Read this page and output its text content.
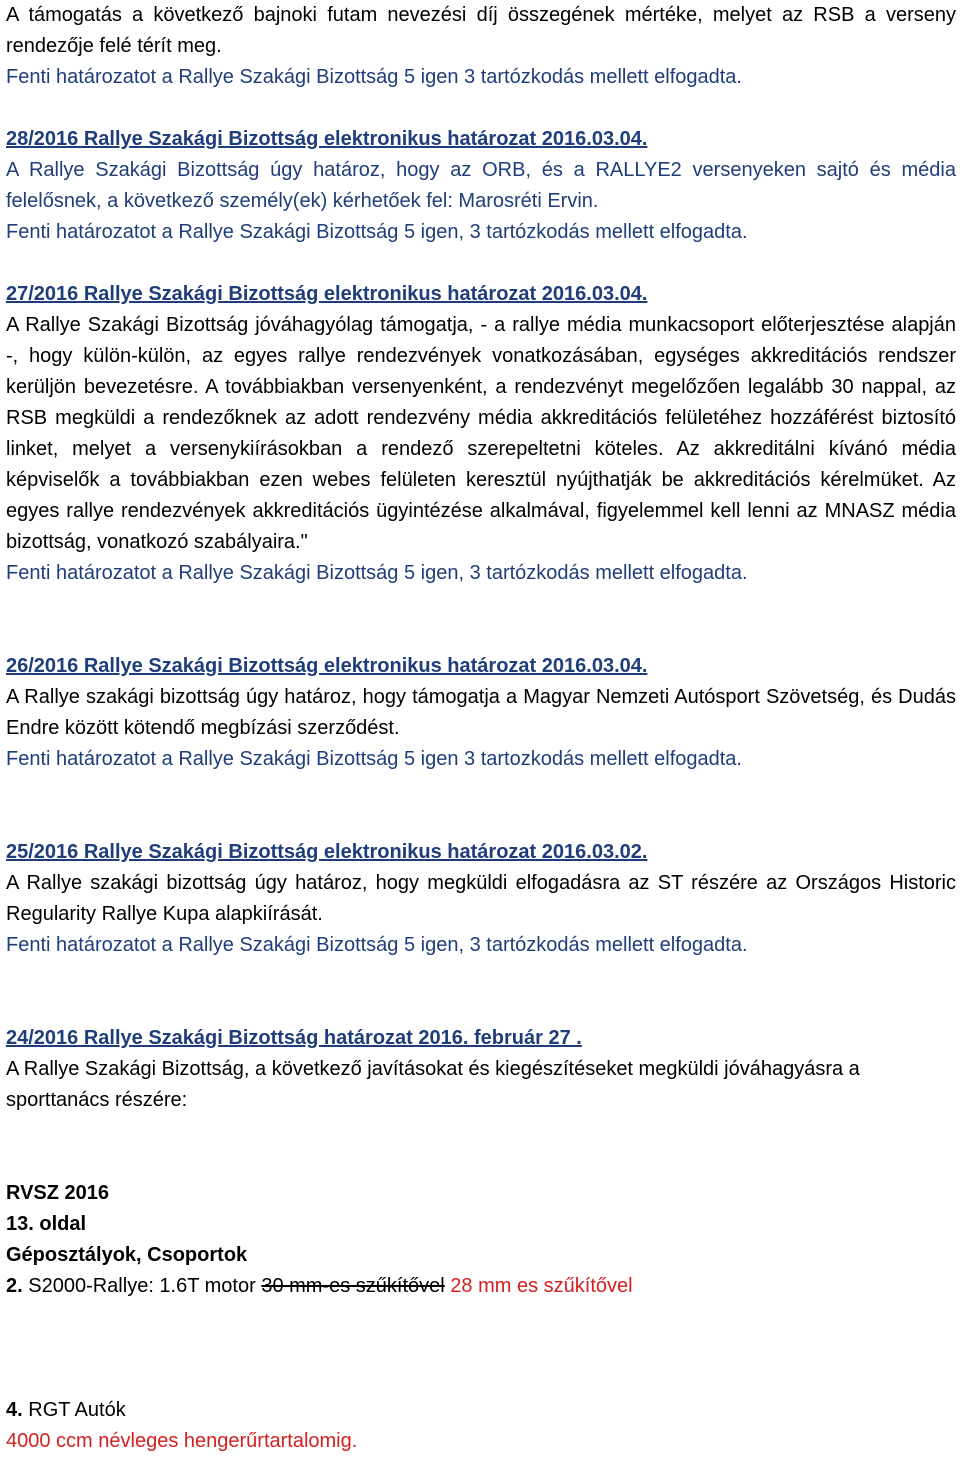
A támogatás a következő bajnoki futam nevezési díj összegének mértéke, melyet az RSB a verseny rendezője felé térít meg.

Fenti határozatot a Rallye Szakági Bizottság 5 igen 3 tartózkodás mellett elfogadta.

28/2016 Rallye Szakági Bizottság elektronikus határozat 2016.03.04.

A Rallye Szakági Bizottság úgy határoz, hogy az ORB, és a RALLYE2 versenyeken sajtó és média felelősnek, a következő személy(ek) kérhetőek fel: Marosréti Ervin.

Fenti határozatot a Rallye Szakági Bizottság 5 igen, 3 tartózkodás mellett elfogadta.

27/2016 Rallye Szakági Bizottság elektronikus határozat 2016.03.04.

A Rallye Szakági Bizottság jóváhagyólag támogatja, - a rallye média munkacsoport előterjesztése alapján -, hogy külön-külön, az egyes rallye rendezvények vonatkozásában, egységes akkreditációs rendszer kerüljön bevezetésre. A továbbiakban versenyenként, a rendezvényt megelőzően legalább 30 nappal, az RSB megküldi a rendezőknek az adott rendezvény média akkreditációs felületéhez hozzáférést biztosító linket, melyet a versenykiírásokban a rendező szerepeltetni köteles. Az akkreditálni kívánó média képviselők a továbbiakban ezen webes felületen keresztül nyújthatják be akkreditációs kérelmüket. Az egyes rallye rendezvények akkreditációs ügyintézése alkalmával, figyelemmel kell lenni az MNASZ média bizottság, vonatkozó szabályaira."

Fenti határozatot a Rallye Szakági Bizottság 5 igen, 3 tartózkodás mellett elfogadta.

26/2016 Rallye Szakági Bizottság elektronikus határozat 2016.03.04.

A Rallye szakági bizottság úgy határoz, hogy támogatja a Magyar Nemzeti Autósport Szövetség, és Dudás Endre között kötendő megbízási szerződést.

Fenti határozatot a Rallye Szakági Bizottság 5 igen 3 tartozkodás mellett elfogadta.

25/2016 Rallye Szakági Bizottság elektronikus határozat 2016.03.02.

A Rallye szakági bizottság úgy határoz, hogy megküldi elfogadásra az ST részére az Országos Historic Regularity Rallye Kupa alapkiírását.

Fenti határozatot a Rallye Szakági Bizottság 5 igen, 3 tartózkodás mellett elfogadta.

24/2016 Rallye Szakági Bizottság határozat 2016. február 27 .

A Rallye Szakági Bizottság, a következő javításokat és kiegészítéseket megküldi jóváhagyásra a sporttanács részére:

RVSZ 2016

13. oldal

Géposztályok, Csoportok

2. S2000-Rallye: 1.6T motor 30 mm-es szűkítővel 28 mm es szűkítővel

4. RGT Autók

4000 ccm névleges hengerűrtartalomig.
